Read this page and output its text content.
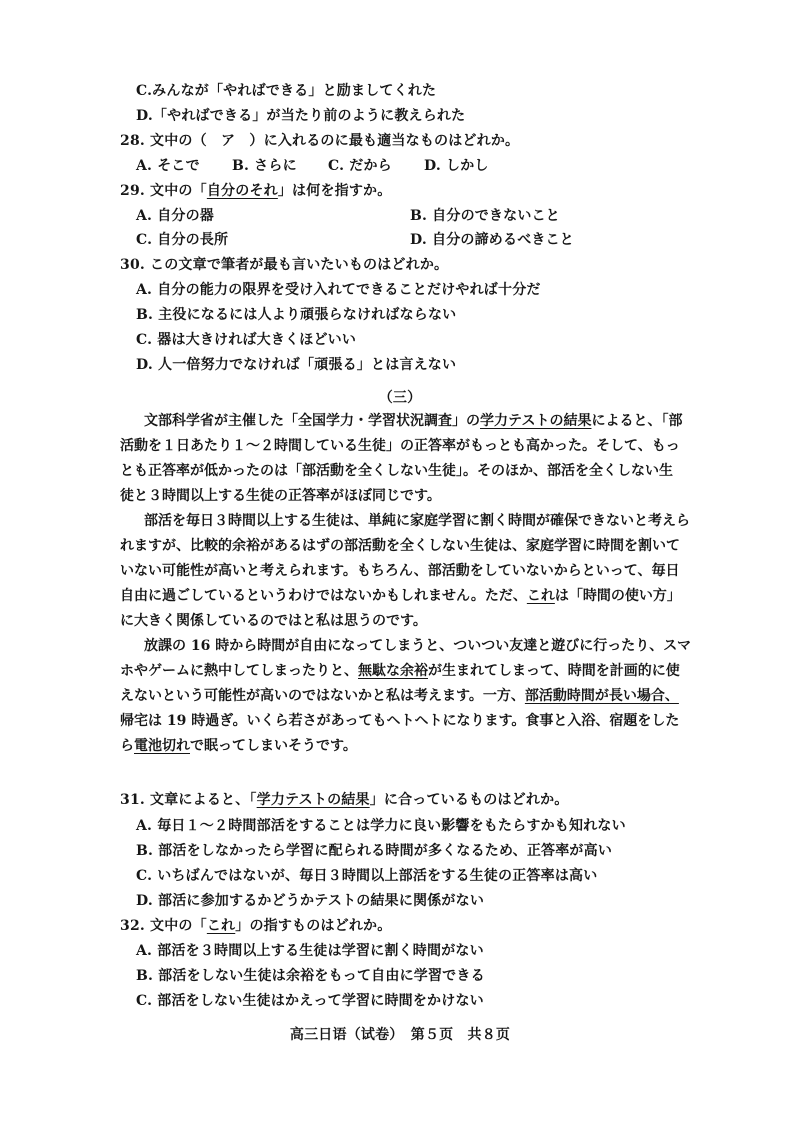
C.みんなが「やればできる」と励ましてくれた
D.「やればできる」が当たり前のように教えられた
28. 文中の（　ア　）に入れるのに最も適当なものはどれか。
A. そこで B. さらに C. だから D. しかし
29. 文中の「自分のそれ」は何を指すか。
A. 自分の器	B. 自分のできないこと
C. 自分の長所	D. 自分の諦めるべきこと
30. この文章で筆者が最も言いたいものはどれか。
A. 自分の能力の限界を受け入れてできることだけやれば十分だ
B. 主役になるには人より頑張らなければならない
C. 器は大きければ大きくほどいい
D. 人一倍努力でなければ「頑張る」とは言えない
（三）
文部科学省が主催した「全国学力・学習状況調査」の学力テストの結果によると、「部
活動を１日あたり１〜２時間している生徒」の正答率がもっとも高かった。そして、もっ
とも正答率が低かったのは「部活動を全くしない生徒」。そのほか、部活を全くしない生
徒と３時間以上する生徒の正答率がほぼ同じです。
部活を毎日３時間以上する生徒は、単純に家庭学習に割く時間が確保できないと考えら
れますが、比較的余裕があるはずの部活動を全くしない生徒は、家庭学習に時間を割いて
いない可能性が高いと考えられます。もちろん、部活動をしていないからといって、毎日
自由に過ごしているというわけではないかもしれません。ただ、これは「時間の使い方」
に大きく関係しているのではと私は思うのです。
放課の 16 時から時間が自由になってしまうと、ついつい友達と遊びに行ったり、スマ
ホやゲームに熱中してしまったりと、無駄な余裕が生まれてしまって、時間を計画的に使
えないという可能性が高いのではないかと私は考えます。一方、部活動時間が長い場合、
帰宅は 19 時過ぎ。いくら若さがあってもヘトヘトになります。食事と入浴、宿題をした
ら電池切れで眠ってしまいそうです。
31. 文章によると、「学力テストの結果」に合っているものはどれか。
A. 毎日１〜２時間部活をすることは学力に良い影響をもたらすかも知れない
B. 部活をしなかったら学習に配られる時間が多くなるため、正答率が高い
C. いちばんではないが、毎日３時間以上部活をする生徒の正答率は高い
D. 部活に参加するかどうかテストの結果に関係がない
32. 文中の「これ」の指すものはどれか。
A. 部活を３時間以上する生徒は学習に割く時間がない
B. 部活をしない生徒は余裕をもって自由に学習できる
C. 部活をしない生徒はかえって学習に時間をかけない
高三日语（试卷）　第５页　共８页
